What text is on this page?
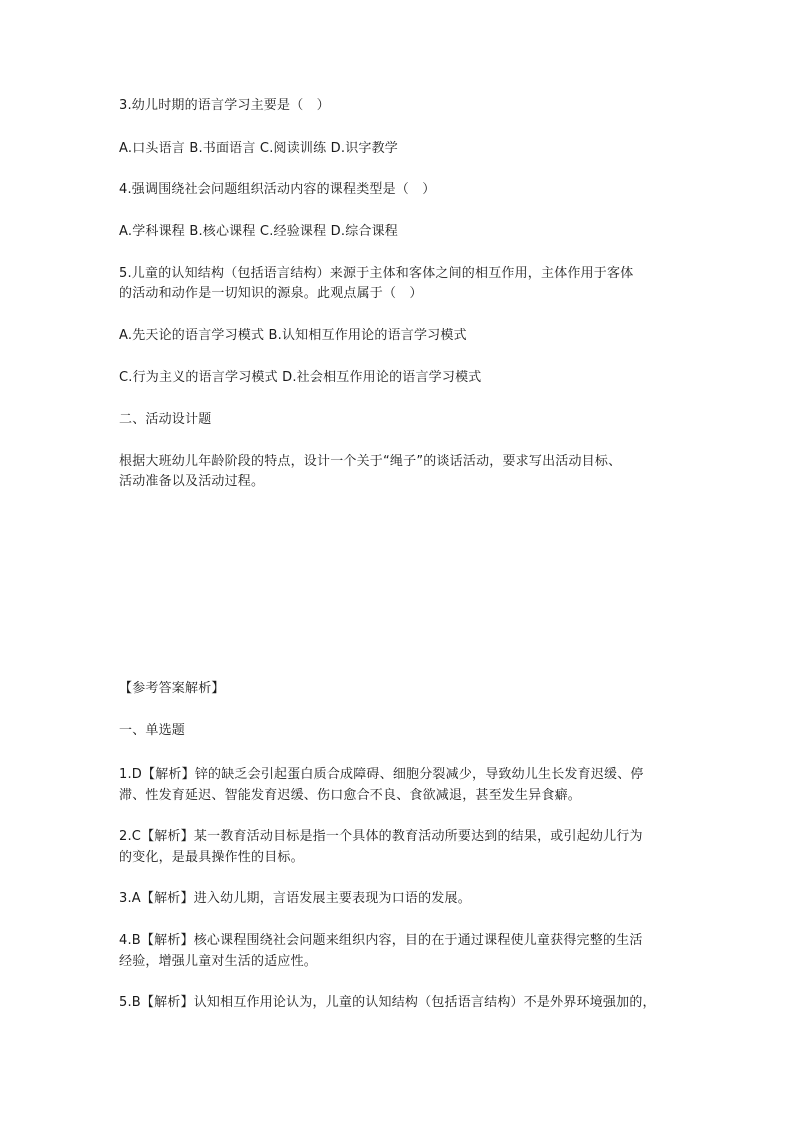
3.幼儿时期的语言学习主要是（　）
A.口头语言 B.书面语言 C.阅读训练 D.识字教学
4.强调围绕社会问题组织活动内容的课程类型是（　）
A.学科课程 B.核心课程 C.经验课程 D.综合课程
5.儿童的认知结构（包括语言结构）来源于主体和客体之间的相互作用，主体作用于客体
的活动和动作是一切知识的源泉。此观点属于（　）
A.先天论的语言学习模式 B.认知相互作用论的语言学习模式
C.行为主义的语言学习模式 D.社会相互作用论的语言学习模式
二、活动设计题
根据大班幼儿年龄阶段的特点，设计一个关于“绳子”的谈话活动，要求写出活动目标、
活动准备以及活动过程。
【参考答案解析】
一、单选题
1.D【解析】锌的缺乏会引起蛋白质合成障碍、细胞分裂减少，导致幼儿生长发育迟缓、停
滞、性发育延迟、智能发育迟缓、伤口愈合不良、食欲减退，甚至发生异食癖。
2.C【解析】某一教育活动目标是指一个具体的教育活动所要达到的结果，或引起幼儿行为
的变化，是最具操作性的目标。
3.A【解析】进入幼儿期，言语发展主要表现为口语的发展。
4.B【解析】核心课程围绕社会问题来组织内容，目的在于通过课程使儿童获得完整的生活
经验，增强儿童对生活的适应性。
5.B【解析】认知相互作用论认为，儿童的认知结构（包括语言结构）不是外界环境强加的，
